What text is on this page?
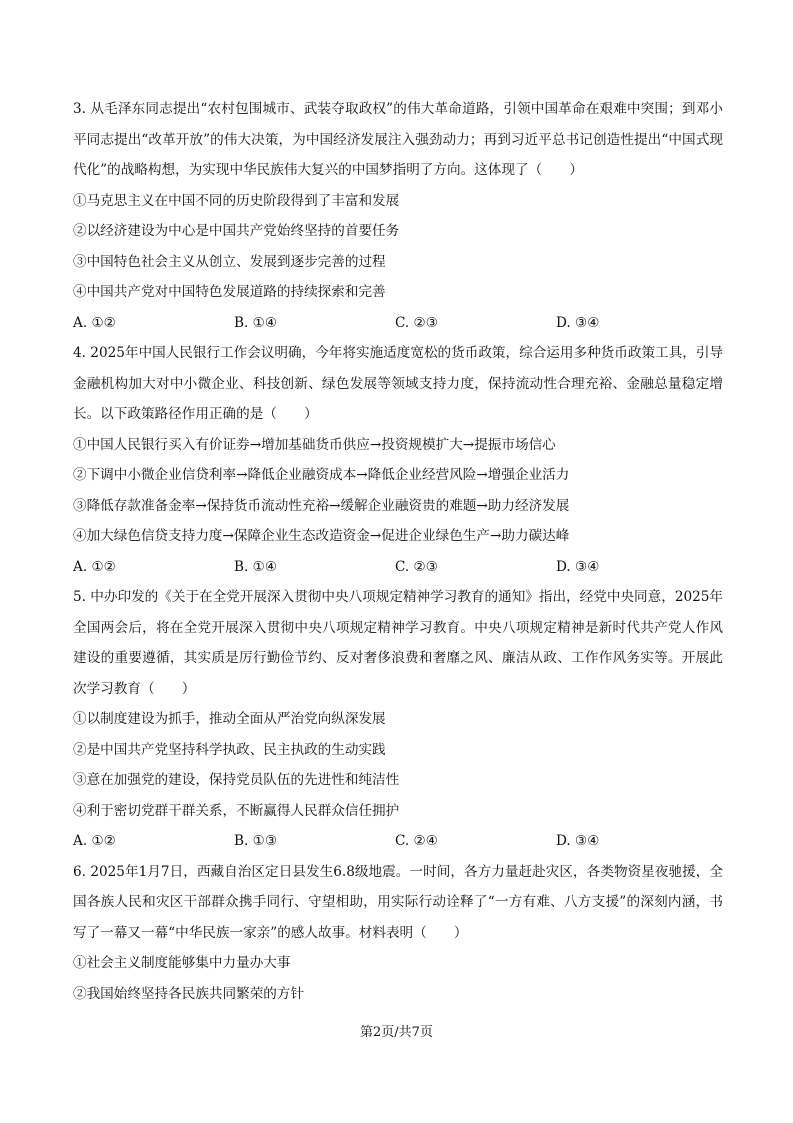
3. 从毛泽东同志提出“农村包围城市、武装夺取政权”的伟大革命道路，引领中国革命在艰难中突围；到邓小平同志提出“改革开放”的伟大决策，为中国经济发展注入强劲动力；再到习近平总书记创造性提出“中国式现代化”的战略构想，为实现中华民族伟大复兴的中国梦指明了方向。这体现了（　　）

①马克思主义在中国不同的历史阶段得到了丰富和发展

②以经济建设为中心是中国共产党始终坚持的首要任务

③中国特色社会主义从创立、发展到逐步完善的过程

④中国共产党对中国特色发展道路的持续探索和完善

A. ①②	B. ①④	C. ②③	D. ③④

4. 2025年中国人民银行工作会议明确，今年将实施适度宽松的货币政策，综合运用多种货币政策工具，引导金融机构加大对中小微企业、科技创新、绿色发展等领域支持力度，保持流动性合理充裕、金融总量稳定增长。以下政策路径作用正确的是（　　）

①中国人民银行买入有价证券→增加基础货币供应→投资规模扩大→提振市场信心

②下调中小微企业信贷利率→降低企业融资成本→降低企业经营风险→增强企业活力

③降低存款准备金率→保持货币流动性充裕→缓解企业融资贵的难题→助力经济发展

④加大绿色信贷支持力度→保障企业生态改造资金→促进企业绿色生产→助力碳达峰

A. ①②	B. ①④	C. ②③	D. ③④

5. 中办印发的《关于在全党开展深入贯彻中央八项规定精神学习教育的通知》指出，经党中央同意，2025年全国两会后，将在全党开展深入贯彻中央八项规定精神学习教育。中央八项规定精神是新时代共产党人作风建设的重要遵循，其实质是厉行勤俭节约、反对奢侈浪费和奢靡之风、廉洁从政、工作作风务实等。开展此次学习教育（　　）

①以制度建设为抓手，推动全面从严治党向纵深发展

②是中国共产党坚持科学执政、民主执政的生动实践

③意在加强党的建设，保持党员队伍的先进性和纯洁性

④利于密切党群干群关系，不断赢得人民群众信任拥护

A. ①②	B. ①③	C. ②④	D. ③④

6. 2025年1月7日，西藏自治区定日县发生6.8级地震。一时间，各方力量赶赴灾区，各类物资星夜驰援，全国各族人民和灾区干部群众携手同行、守望相助，用实际行动诠释了“一方有难、八方支援”的深刻内涵，书写了一幕又一幕“中华民族一家亲”的感人故事。材料表明（　　）

①社会主义制度能够集中力量办大事

②我国始终坚持各民族共同繁荣的方针

第2页/共7页
